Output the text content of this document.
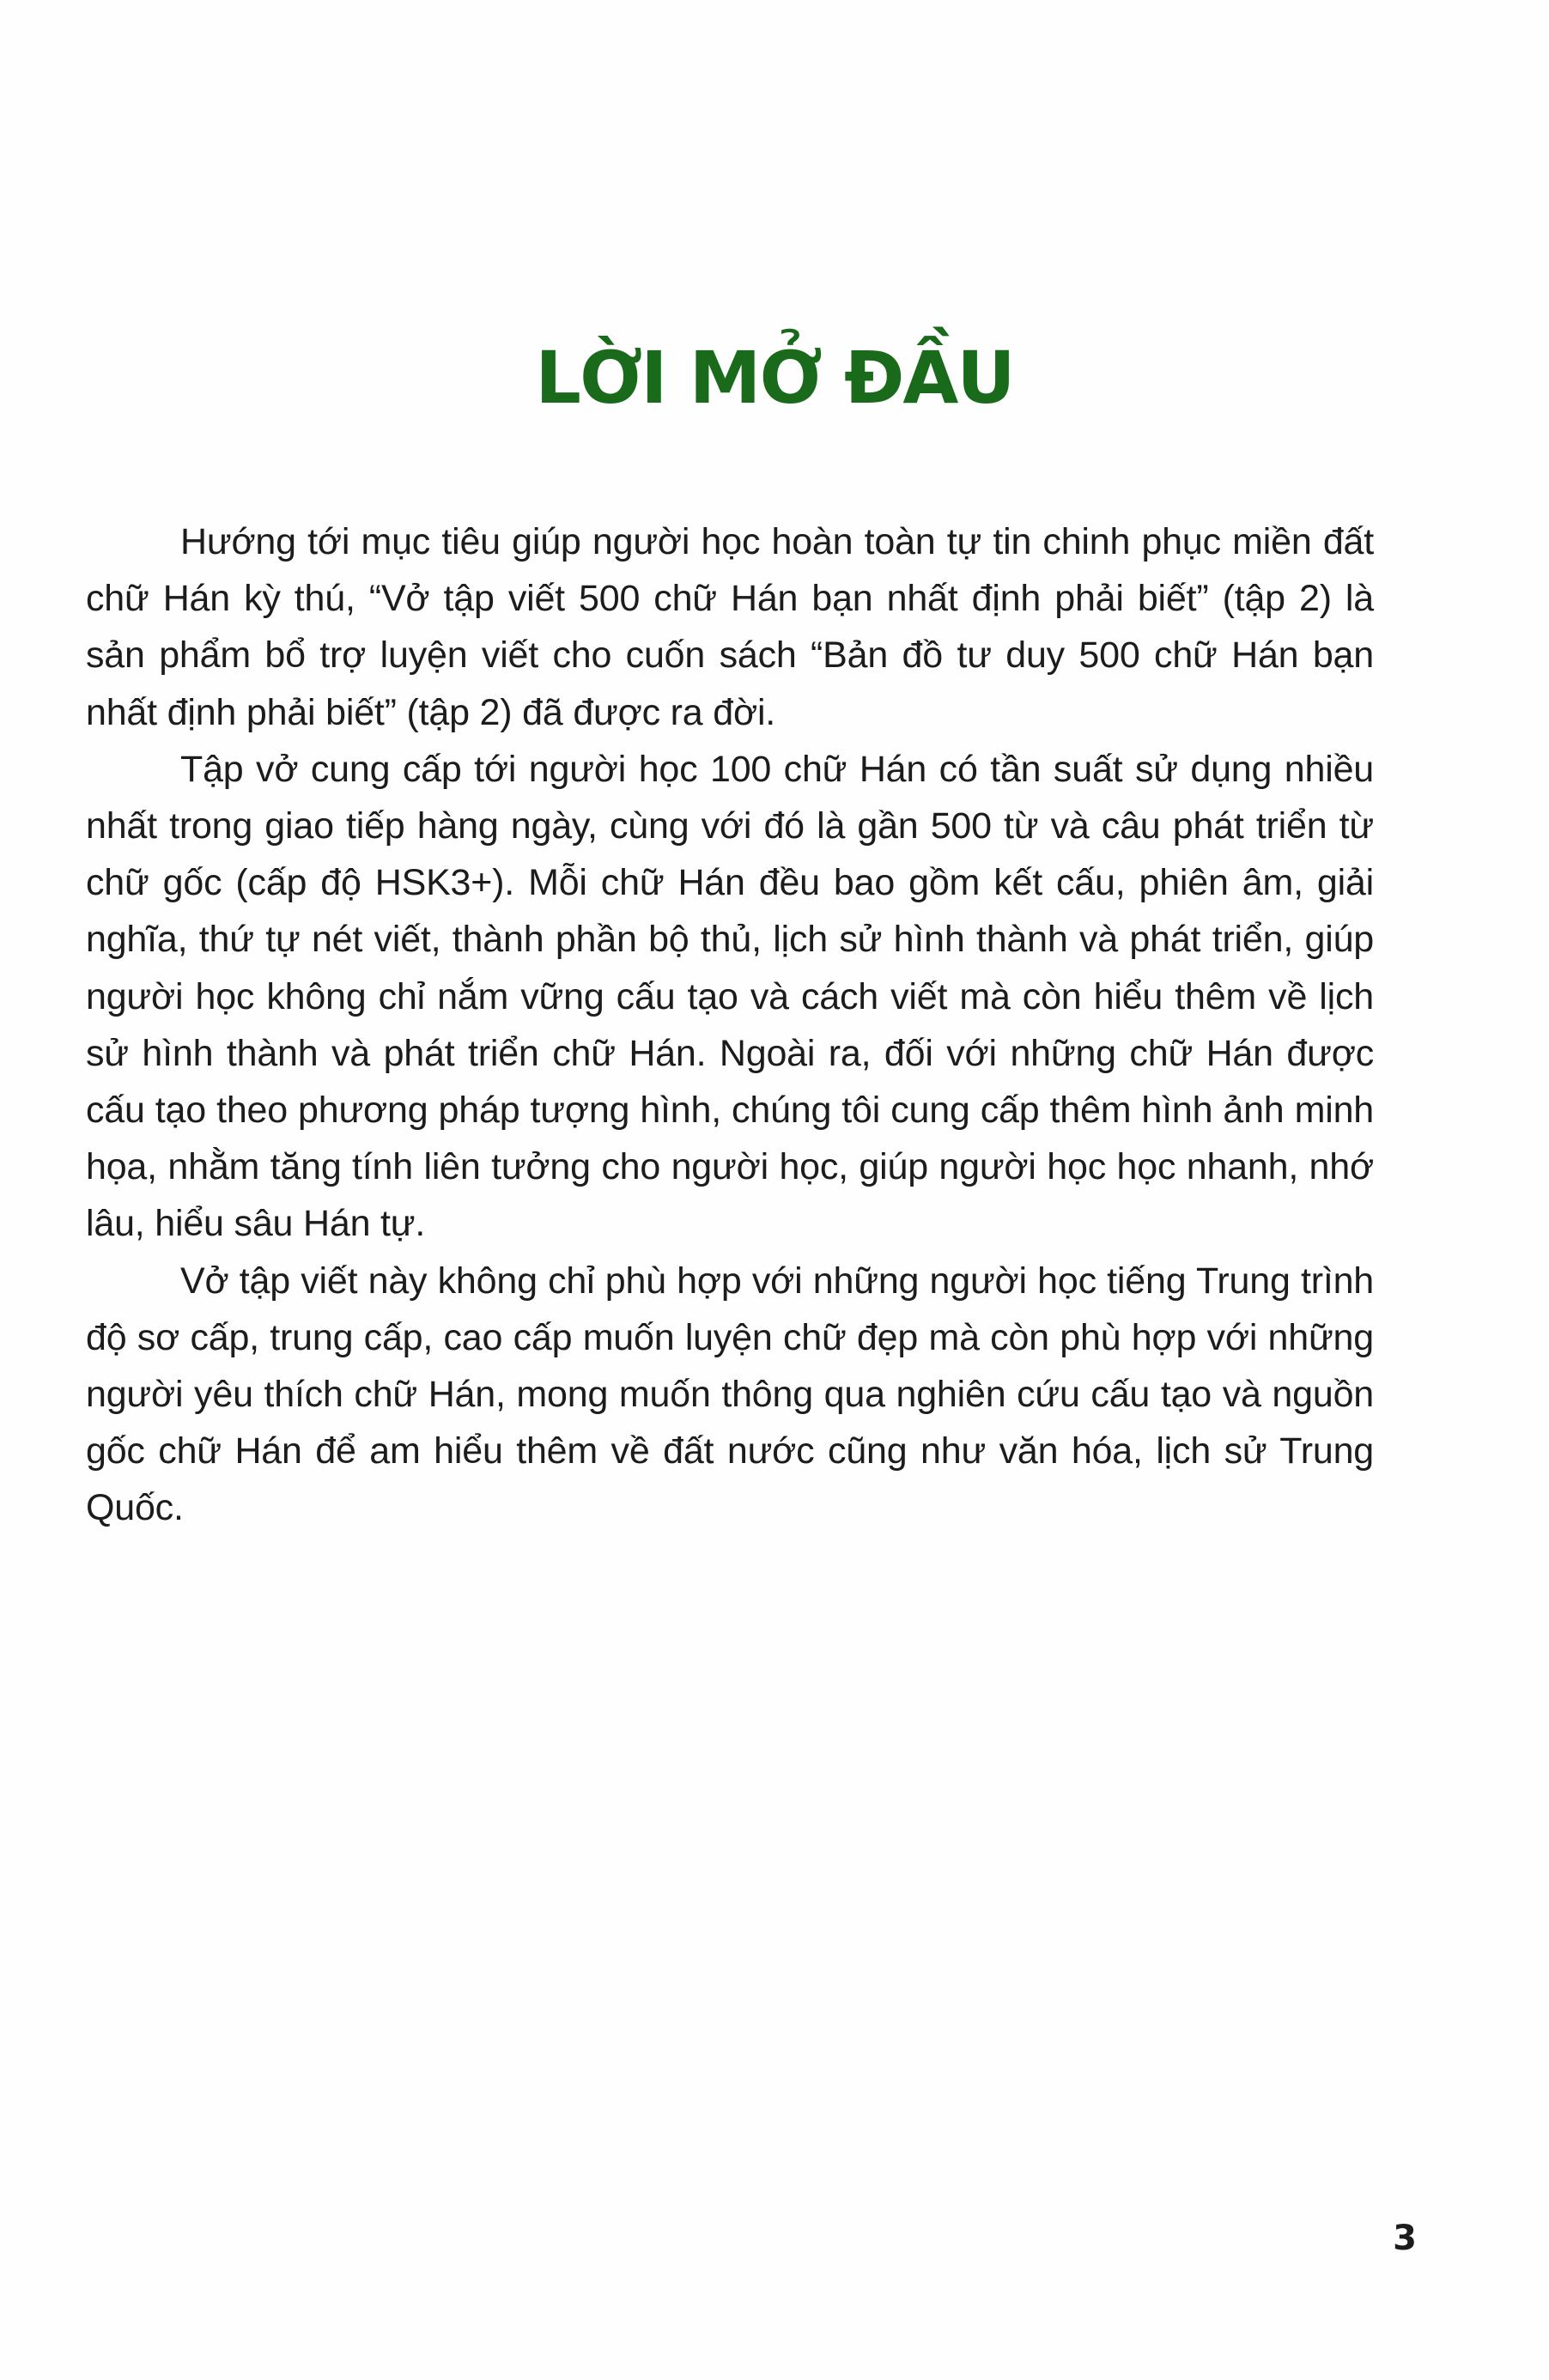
LỜI MỞ ĐẦU

Hướng tới mục tiêu giúp người học hoàn toàn tự tin chinh phục miền đất chữ Hán kỳ thú, “Vở tập viết 500 chữ Hán bạn nhất định phải biết” (tập 2) là sản phẩm bổ trợ luyện viết cho cuốn sách “Bản đồ tư duy 500 chữ Hán bạn nhất định phải biết” (tập 2) đã được ra đời.

Tập vở cung cấp tới người học 100 chữ Hán có tần suất sử dụng nhiều nhất trong giao tiếp hàng ngày, cùng với đó là gần 500 từ và câu phát triển từ chữ gốc (cấp độ HSK3+). Mỗi chữ Hán đều bao gồm kết cấu, phiên âm, giải nghĩa, thứ tự nét viết, thành phần bộ thủ, lịch sử hình thành và phát triển, giúp người học không chỉ nắm vững cấu tạo và cách viết mà còn hiểu thêm về lịch sử hình thành và phát triển chữ Hán. Ngoài ra, đối với những chữ Hán được cấu tạo theo phương pháp tượng hình, chúng tôi cung cấp thêm hình ảnh minh họa, nhằm tăng tính liên tưởng cho người học, giúp người học học nhanh, nhớ lâu, hiểu sâu Hán tự.

Vở tập viết này không chỉ phù hợp với những người học tiếng Trung trình độ sơ cấp, trung cấp, cao cấp muốn luyện chữ đẹp mà còn phù hợp với những người yêu thích chữ Hán, mong muốn thông qua nghiên cứu cấu tạo và nguồn gốc chữ Hán để am hiểu thêm về đất nước cũng như văn hóa, lịch sử Trung Quốc.

3
